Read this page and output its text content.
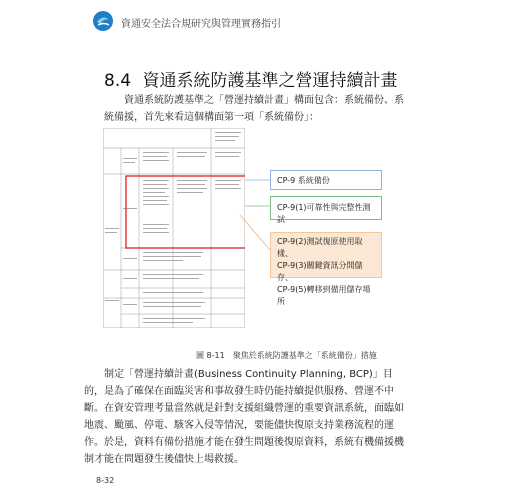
資通安全法合規研究與管理實務指引
8.4 資通系統防護基準之營運持續計畫
資通系統防護基準之「營運持續計畫」構面包含：系統備份、系統備援，首先來看這個構面第一項「系統備份」：
CP-9 系統備份
CP-9(1)可靠性與完整性測試
CP-9(2)測試復原使用取樣、
CP-9(3)關鍵資訊分開儲存、
CP-9(5)轉移到備用儲存場所
圖 8-11　聚焦於系統防護基準之「系統備份」措施
制定「營運持續計畫(Business Continuity Planning, BCP)」目的，是為了確保在面臨災害和事故發生時仍能持續提供服務、營運不中斷。在資安管理考量當然就是針對支援組織營運的重要資訊系統，面臨如地震、颱風、停電、駭客入侵等情況，要能儘快復原支持業務流程的運作。於是，資料有備份措施才能在發生問題後復原資料，系統有機備援機制才能在問題發生後儘快上場救援。
8-32
